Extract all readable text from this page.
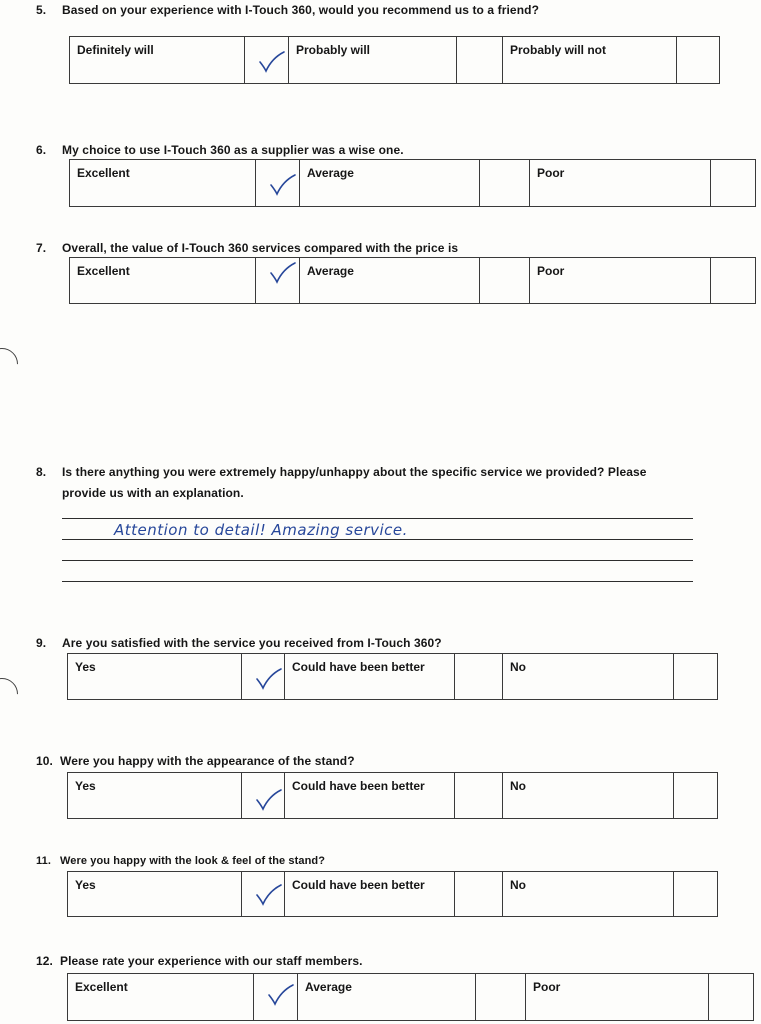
5. Based on your experience with I-Touch 360, would you recommend us to a friend?
Definitely will		Probably will		Probably will not

6. My choice to use I-Touch 360 as a supplier was a wise one.
Excellent		Average		Poor

7. Overall, the value of I-Touch 360 services compared with the price is
Excellent		Average		Poor

8. Is there anything you were extremely happy/unhappy about the specific service we provided? Please
provide us with an explanation.
Attention to detail! Amazing service.
9. Are you satisfied with the service you received from I-Touch 360?
Yes		Could have been better		No

10. Were you happy with the appearance of the stand?
Yes		Could have been better		No

11. Were you happy with the look & feel of the stand?
Yes		Could have been better		No

12. Please rate your experience with our staff members.
Excellent		Average		Poor
